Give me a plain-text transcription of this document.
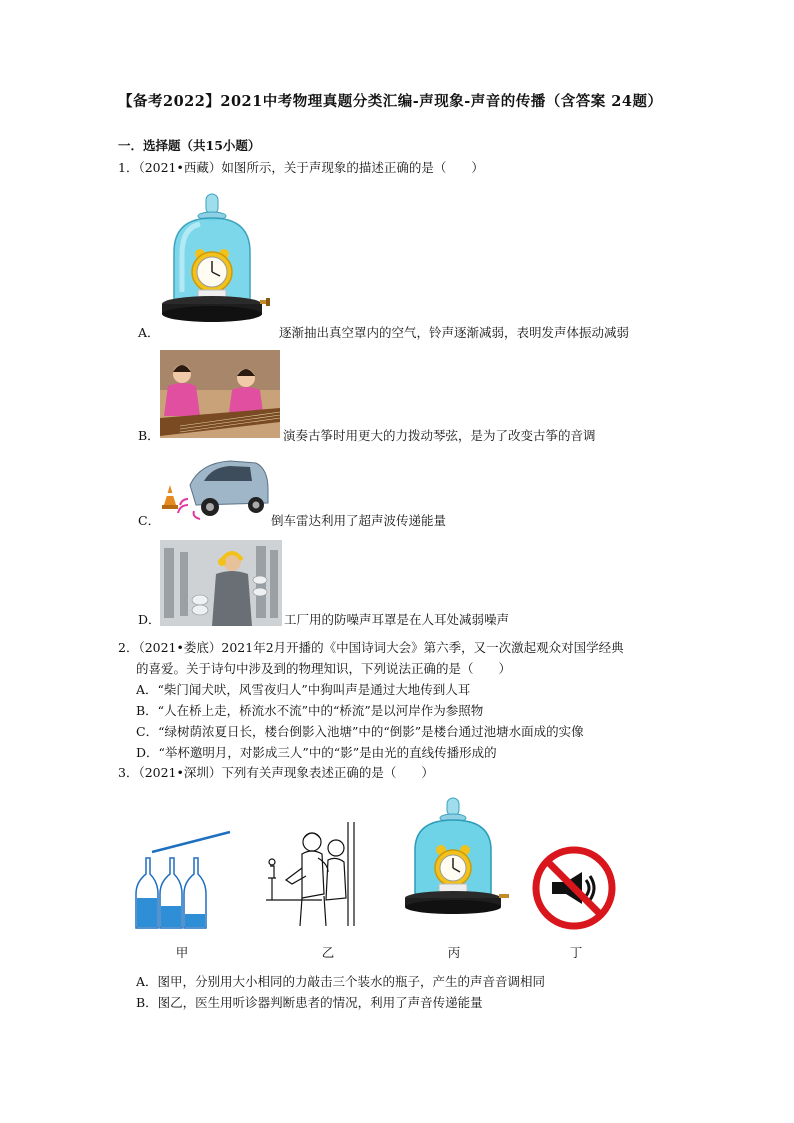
【备考2022】2021中考物理真题分类汇编-声现象-声音的传播（含答案 24题）
一．选择题（共15小题）
1．（2021•西藏）如图所示，关于声现象的描述正确的是（　　）
A．	逐渐抽出真空罩内的空气，铃声逐渐减弱，表明发声体振动减弱
B．	演奏古筝时用更大的力拨动琴弦，是为了改变古筝的音调
C．	倒车雷达利用了超声波传递能量
D．	工厂用的防噪声耳罩是在人耳处减弱噪声
2．（2021•娄底）2021年2月开播的《中国诗词大会》第六季，又一次激起观众对国学经典
的喜爱。关于诗句中涉及到的物理知识，下列说法正确的是（　　）
A．“柴门闻犬吠，风雪夜归人”中狗叫声是通过大地传到人耳
B．“人在桥上走，桥流水不流”中的“桥流”是以河岸作为参照物
C．“绿树荫浓夏日长，楼台倒影入池塘”中的“倒影”是楼台通过池塘水面成的实像
D．“举杯邀明月，对影成三人”中的“影”是由光的直线传播形成的
3．（2021•深圳）下列有关声现象表述正确的是（　　）
甲	乙	丙	丁
A．图甲，分别用大小相同的力敲击三个装水的瓶子，产生的声音音调相同
B．图乙，医生用听诊器判断患者的情况，利用了声音传递能量
